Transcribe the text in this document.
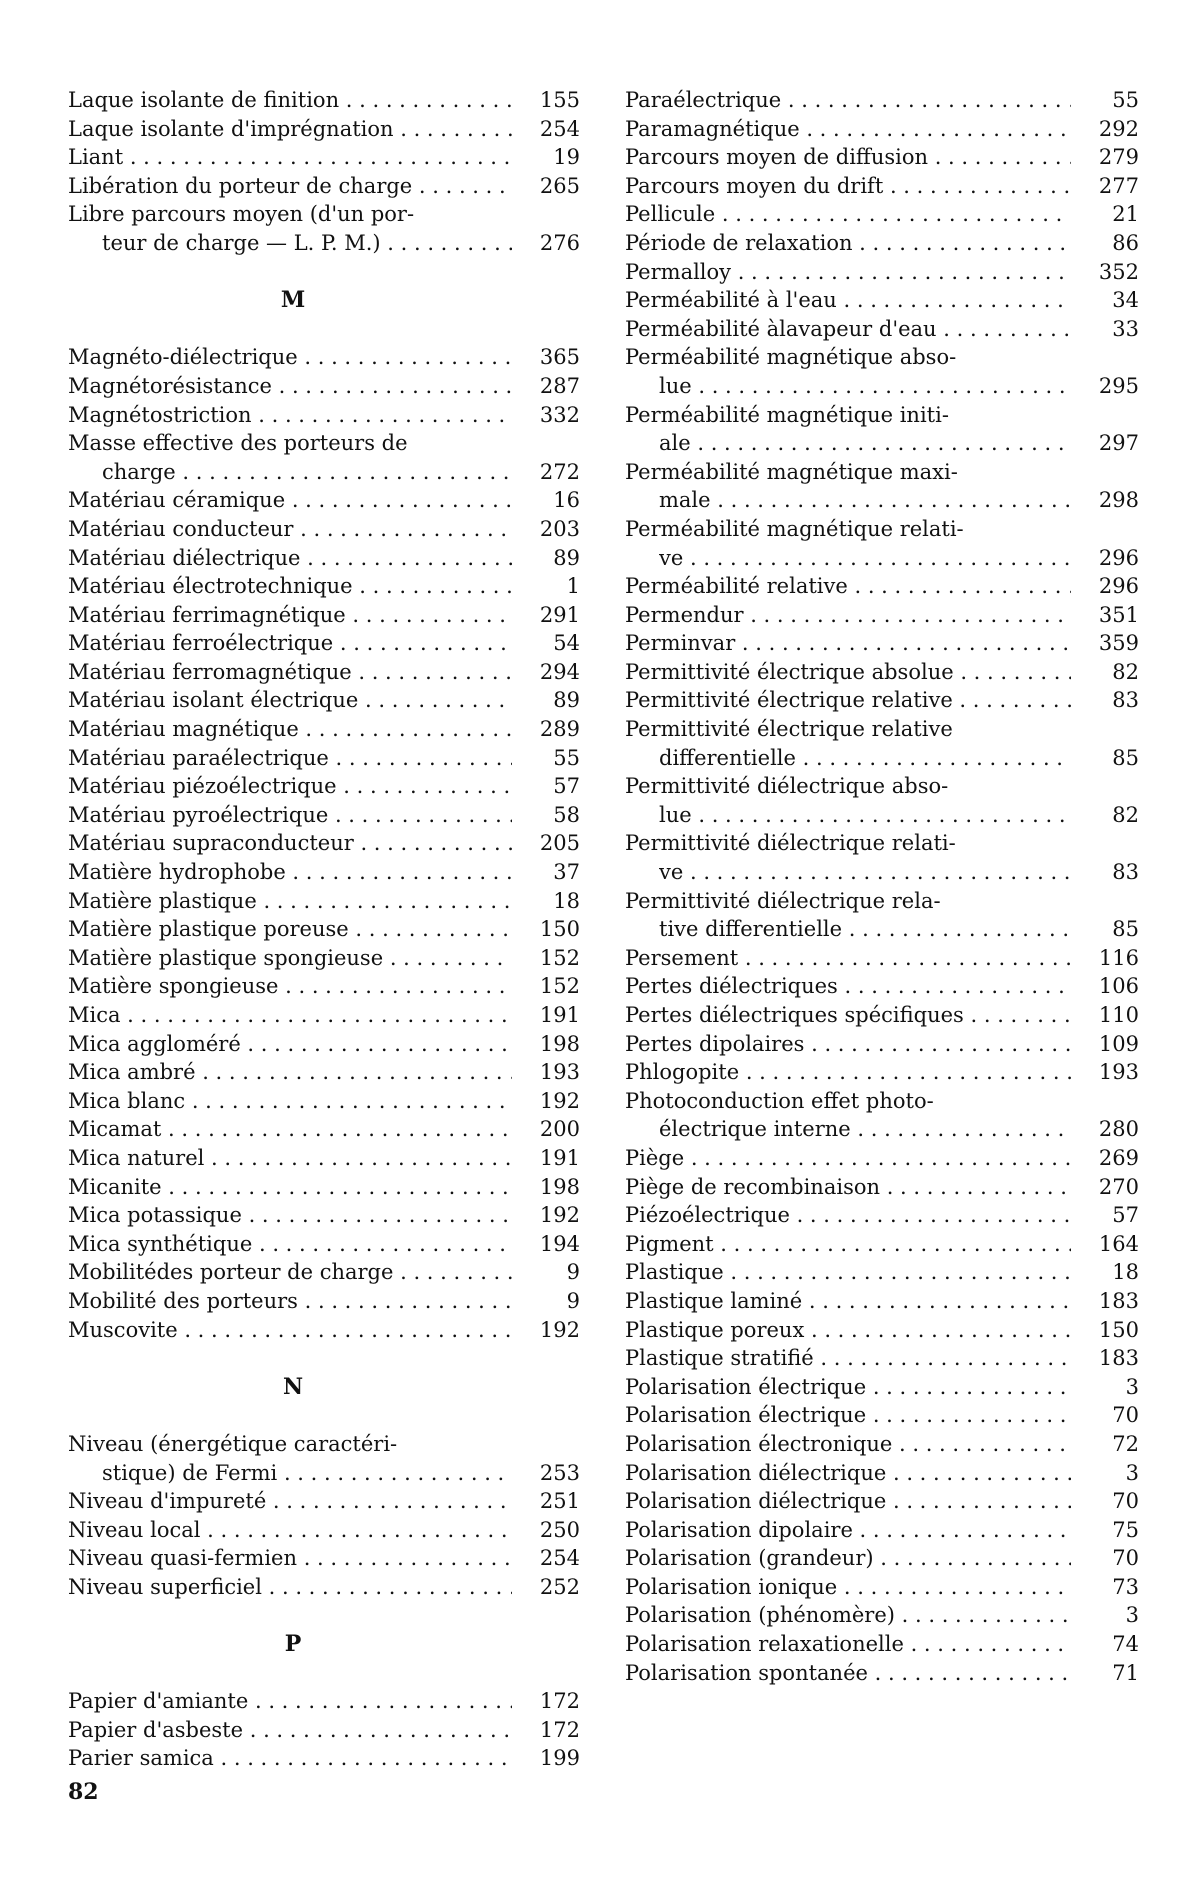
Laque isolante de finition . . .	155
Laque isolante d'imprégnation . . .	254
Liant . . .	19
Libération du porteur de charge . . .	265
Libre parcours moyen (d'un por-
teur de charge — L. P. M.) . . .	276
M
Magnéto-diélectrique . . .	365
Magnétorésistance . . .	287
Magnétostriction . . .	332
Masse effective des porteurs de
charge . . .	272
Matériau céramique . . .	16
Matériau conducteur . . .	203
Matériau diélectrique . . .	89
Matériau électrotechnique . . .	1
Matériau ferrimagnétique . . .	291
Matériau ferroélectrique . . .	54
Matériau ferromagnétique . . .	294
Matériau isolant électrique . . .	89
Matériau magnétique . . .	289
Matériau paraélectrique . . .	55
Matériau piézoélectrique . . .	57
Matériau pyroélectrique . . .	58
Matériau supraconducteur . . .	205
Matière hydrophobe . . .	37
Matière plastique . . .	18
Matière plastique poreuse . . .	150
Matière plastique spongieuse . . .	152
Matière spongieuse . . .	152
Mica . . .	191
Mica aggloméré . . .	198
Mica ambré . . .	193
Mica blanc . . .	192
Micamat . . .	200
Mica naturel . . .	191
Micanite . . .	198
Mica potassique . . .	192
Mica synthétique . . .	194
Mobilitédes porteur de charge . . .	9
Mobilité des porteurs . . .	9
Muscovite . . .	192
N
Niveau (énergétique caractéri-
stique) de Fermi . . .	253
Niveau d'impureté . . .	251
Niveau local . . .	250
Niveau quasi-fermien . . .	254
Niveau superficiel . . .	252
P
Papier d'amiante . . .	172
Papier d'asbeste . . .	172
Parier samica . . .	199
Paraélectrique . . .	55
Paramagnétique . . .	292
Parcours moyen de diffusion . . .	279
Parcours moyen du drift . . .	277
Pellicule . . .	21
Période de relaxation . . .	86
Permalloy . . .	352
Perméabilité à l'eau . . .	34
Perméabilité àlavapeur d'eau . . .	33
Perméabilité magnétique abso-
lue . . .	295
Perméabilité magnétique initi-
ale . . .	297
Perméabilité magnétique maxi-
male . . .	298
Perméabilité magnétique relati-
ve . . .	296
Perméabilité relative . . .	296
Permendur . . .	351
Perminvar . . .	359
Permittivité électrique absolue . . .	82
Permittivité électrique relative . . .	83
Permittivité électrique relative
differentielle . . .	85
Permittivité diélectrique abso-
lue . . .	82
Permittivité diélectrique relati-
ve . . .	83
Permittivité diélectrique rela-
tive differentielle . . .	85
Persement . . .	116
Pertes diélectriques . . .	106
Pertes diélectriques spécifiques . . .	110
Pertes dipolaires . . .	109
Phlogopite . . .	193
Photoconduction effet photo-
électrique interne . . .	280
Piège . . .	269
Piège de recombinaison . . .	270
Piézoélectrique . . .	57
Pigment . . .	164
Plastique . . .	18
Plastique laminé . . .	183
Plastique poreux . . .	150
Plastique stratifié . . .	183
Polarisation électrique . . .	3
Polarisation électrique . . .	70
Polarisation électronique . . .	72
Polarisation diélectrique . . .	3
Polarisation diélectrique . . .	70
Polarisation dipolaire . . .	75
Polarisation (grandeur) . . .	70
Polarisation ionique . . .	73
Polarisation (phénomère) . . .	3
Polarisation relaxationelle . . .	74
Polarisation spontanée . . .	71
82
